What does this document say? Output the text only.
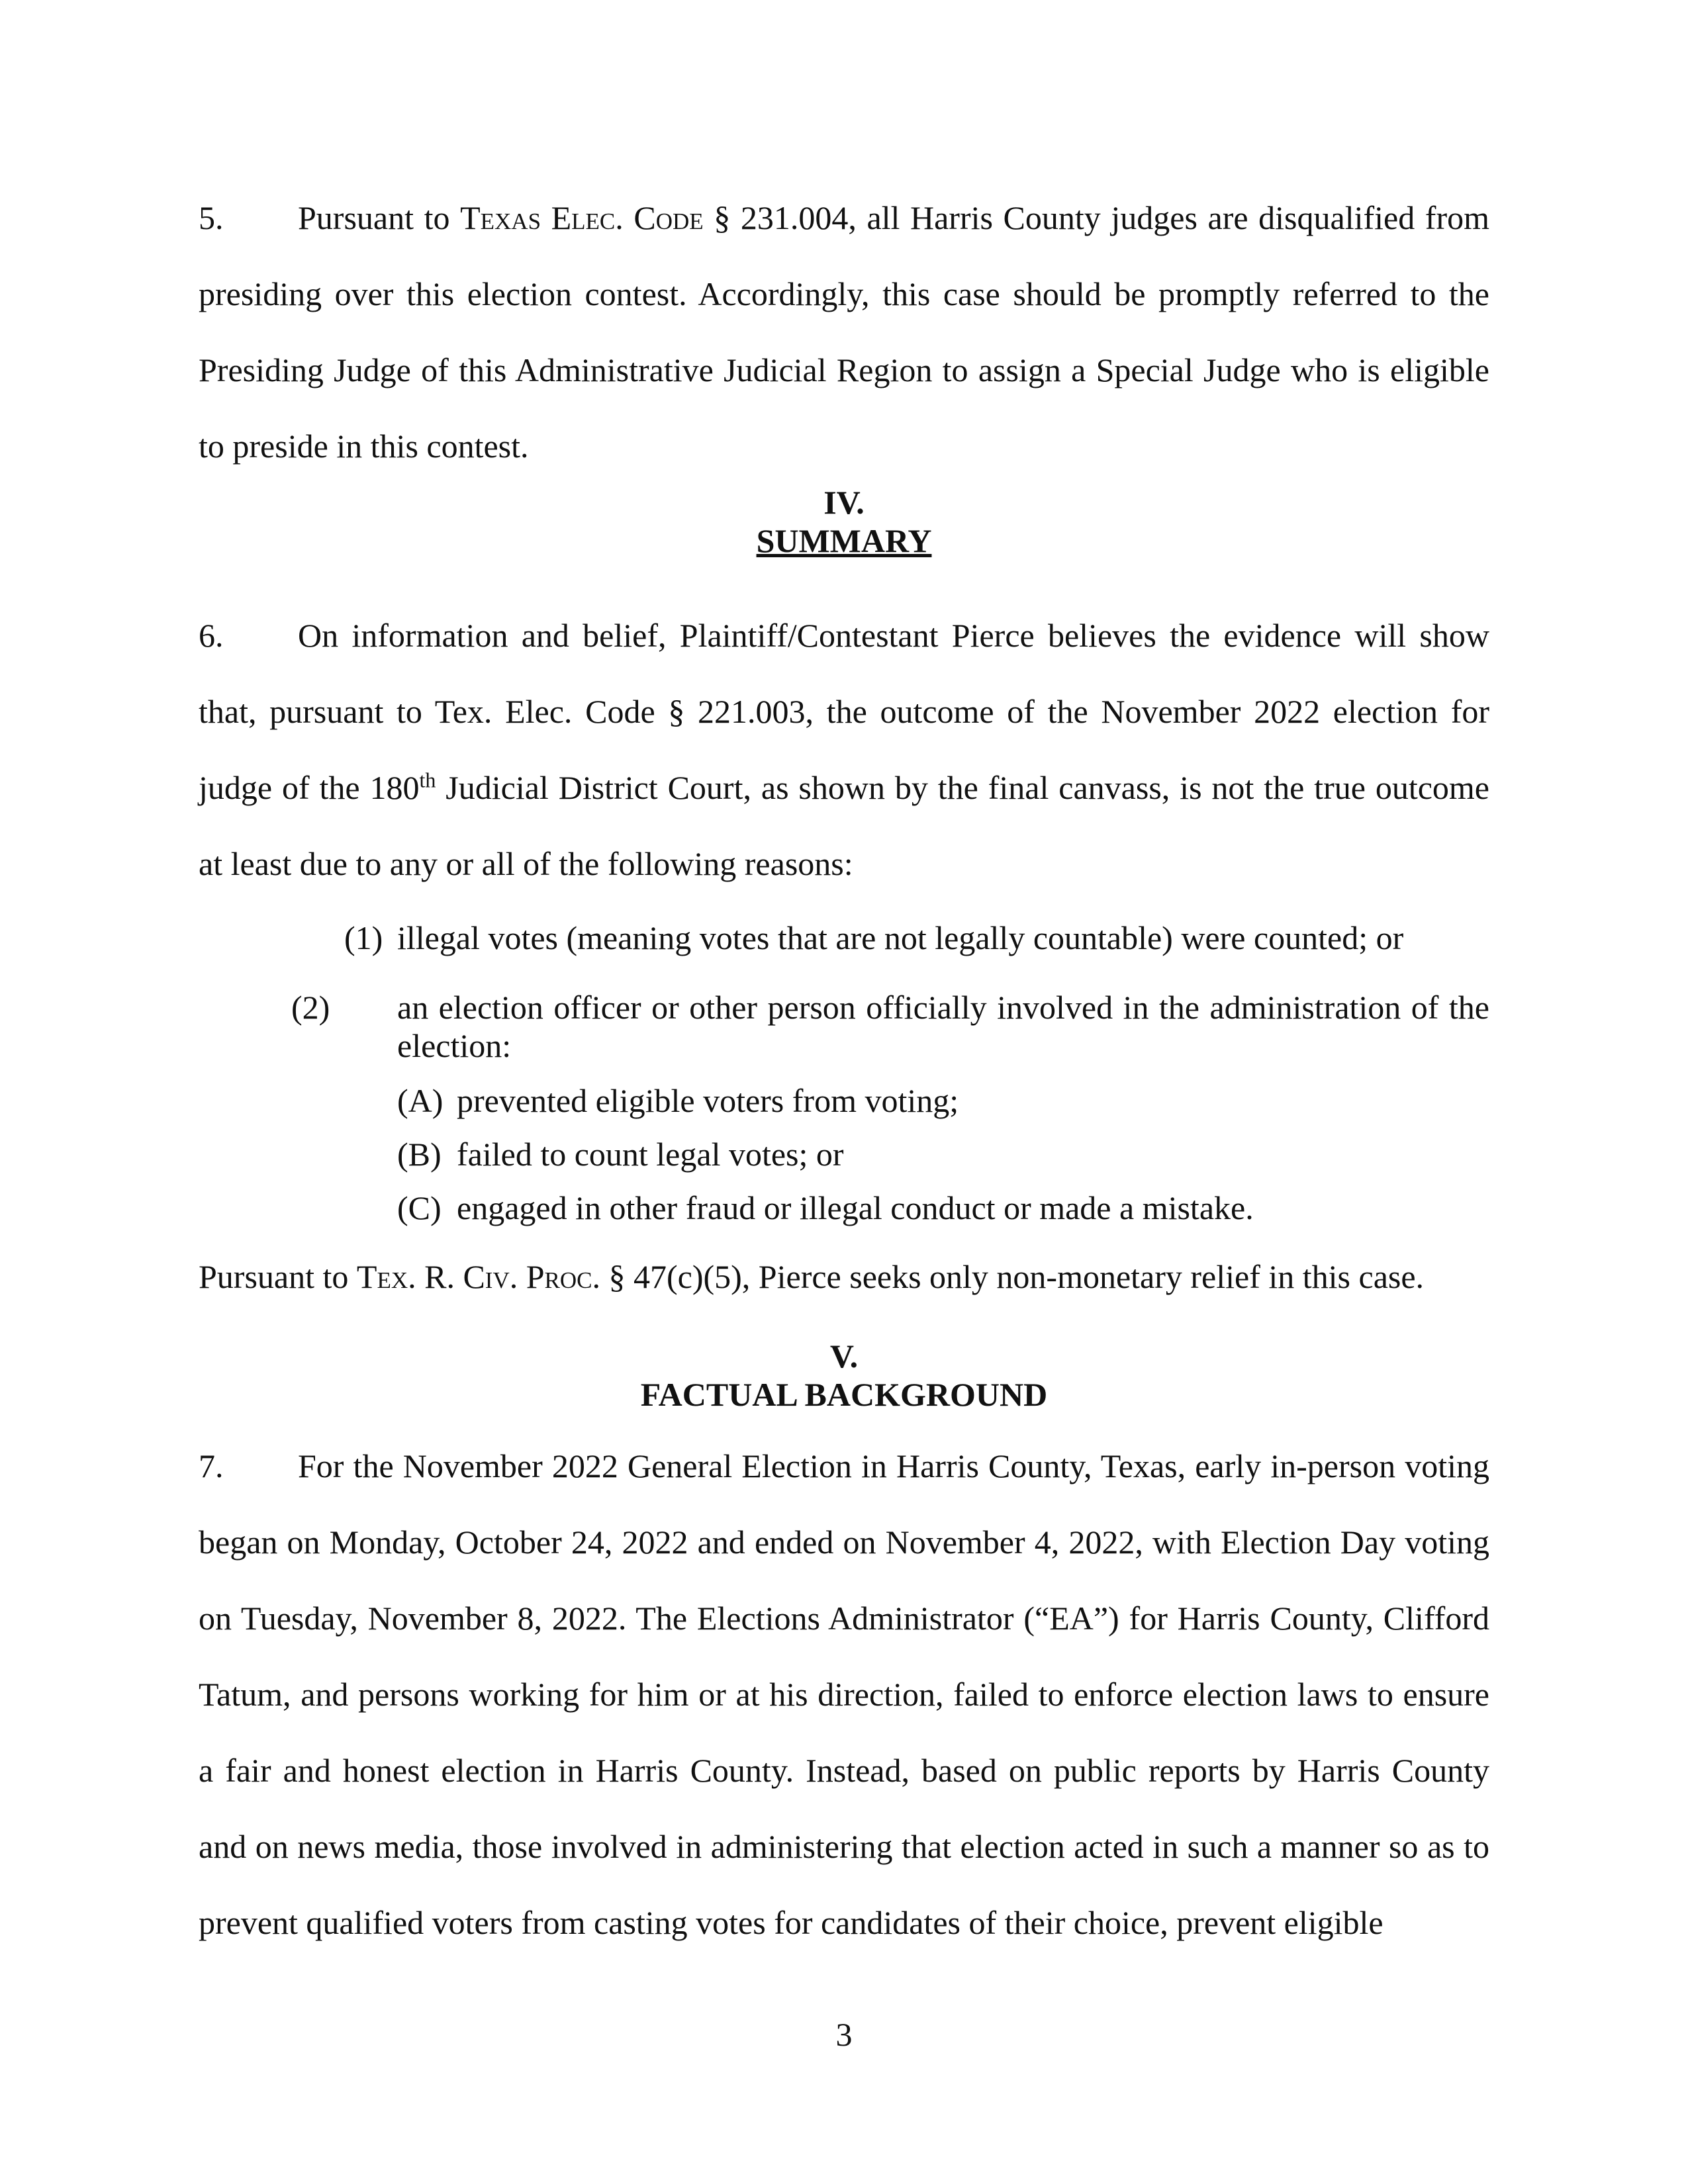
5. Pursuant to Texas Elec. Code § 231.004, all Harris County judges are disqualified from presiding over this election contest. Accordingly, this case should be promptly referred to the Presiding Judge of this Administrative Judicial Region to assign a Special Judge who is eligible to preside in this contest.

IV.
SUMMARY

6. On information and belief, Plaintiff/Contestant Pierce believes the evidence will show that, pursuant to Tex. Elec. Code § 221.003, the outcome of the November 2022 election for judge of the 180th Judicial District Court, as shown by the final canvass, is not the true outcome at least due to any or all of the following reasons:

(1) illegal votes (meaning votes that are not legally countable) were counted; or

(2) an election officer or other person officially involved in the administration of the election:

(A) prevented eligible voters from voting;

(B) failed to count legal votes; or

(C) engaged in other fraud or illegal conduct or made a mistake.

Pursuant to Tex. R. Civ. Proc. § 47(c)(5), Pierce seeks only non-monetary relief in this case.

V.
FACTUAL BACKGROUND

7. For the November 2022 General Election in Harris County, Texas, early in-person voting began on Monday, October 24, 2022 and ended on November 4, 2022, with Election Day voting on Tuesday, November 8, 2022. The Elections Administrator (“EA”) for Harris County, Clifford Tatum, and persons working for him or at his direction, failed to enforce election laws to ensure a fair and honest election in Harris County. Instead, based on public reports by Harris County and on news media, those involved in administering that election acted in such a manner so as to prevent qualified voters from casting votes for candidates of their choice, prevent eligible

3
